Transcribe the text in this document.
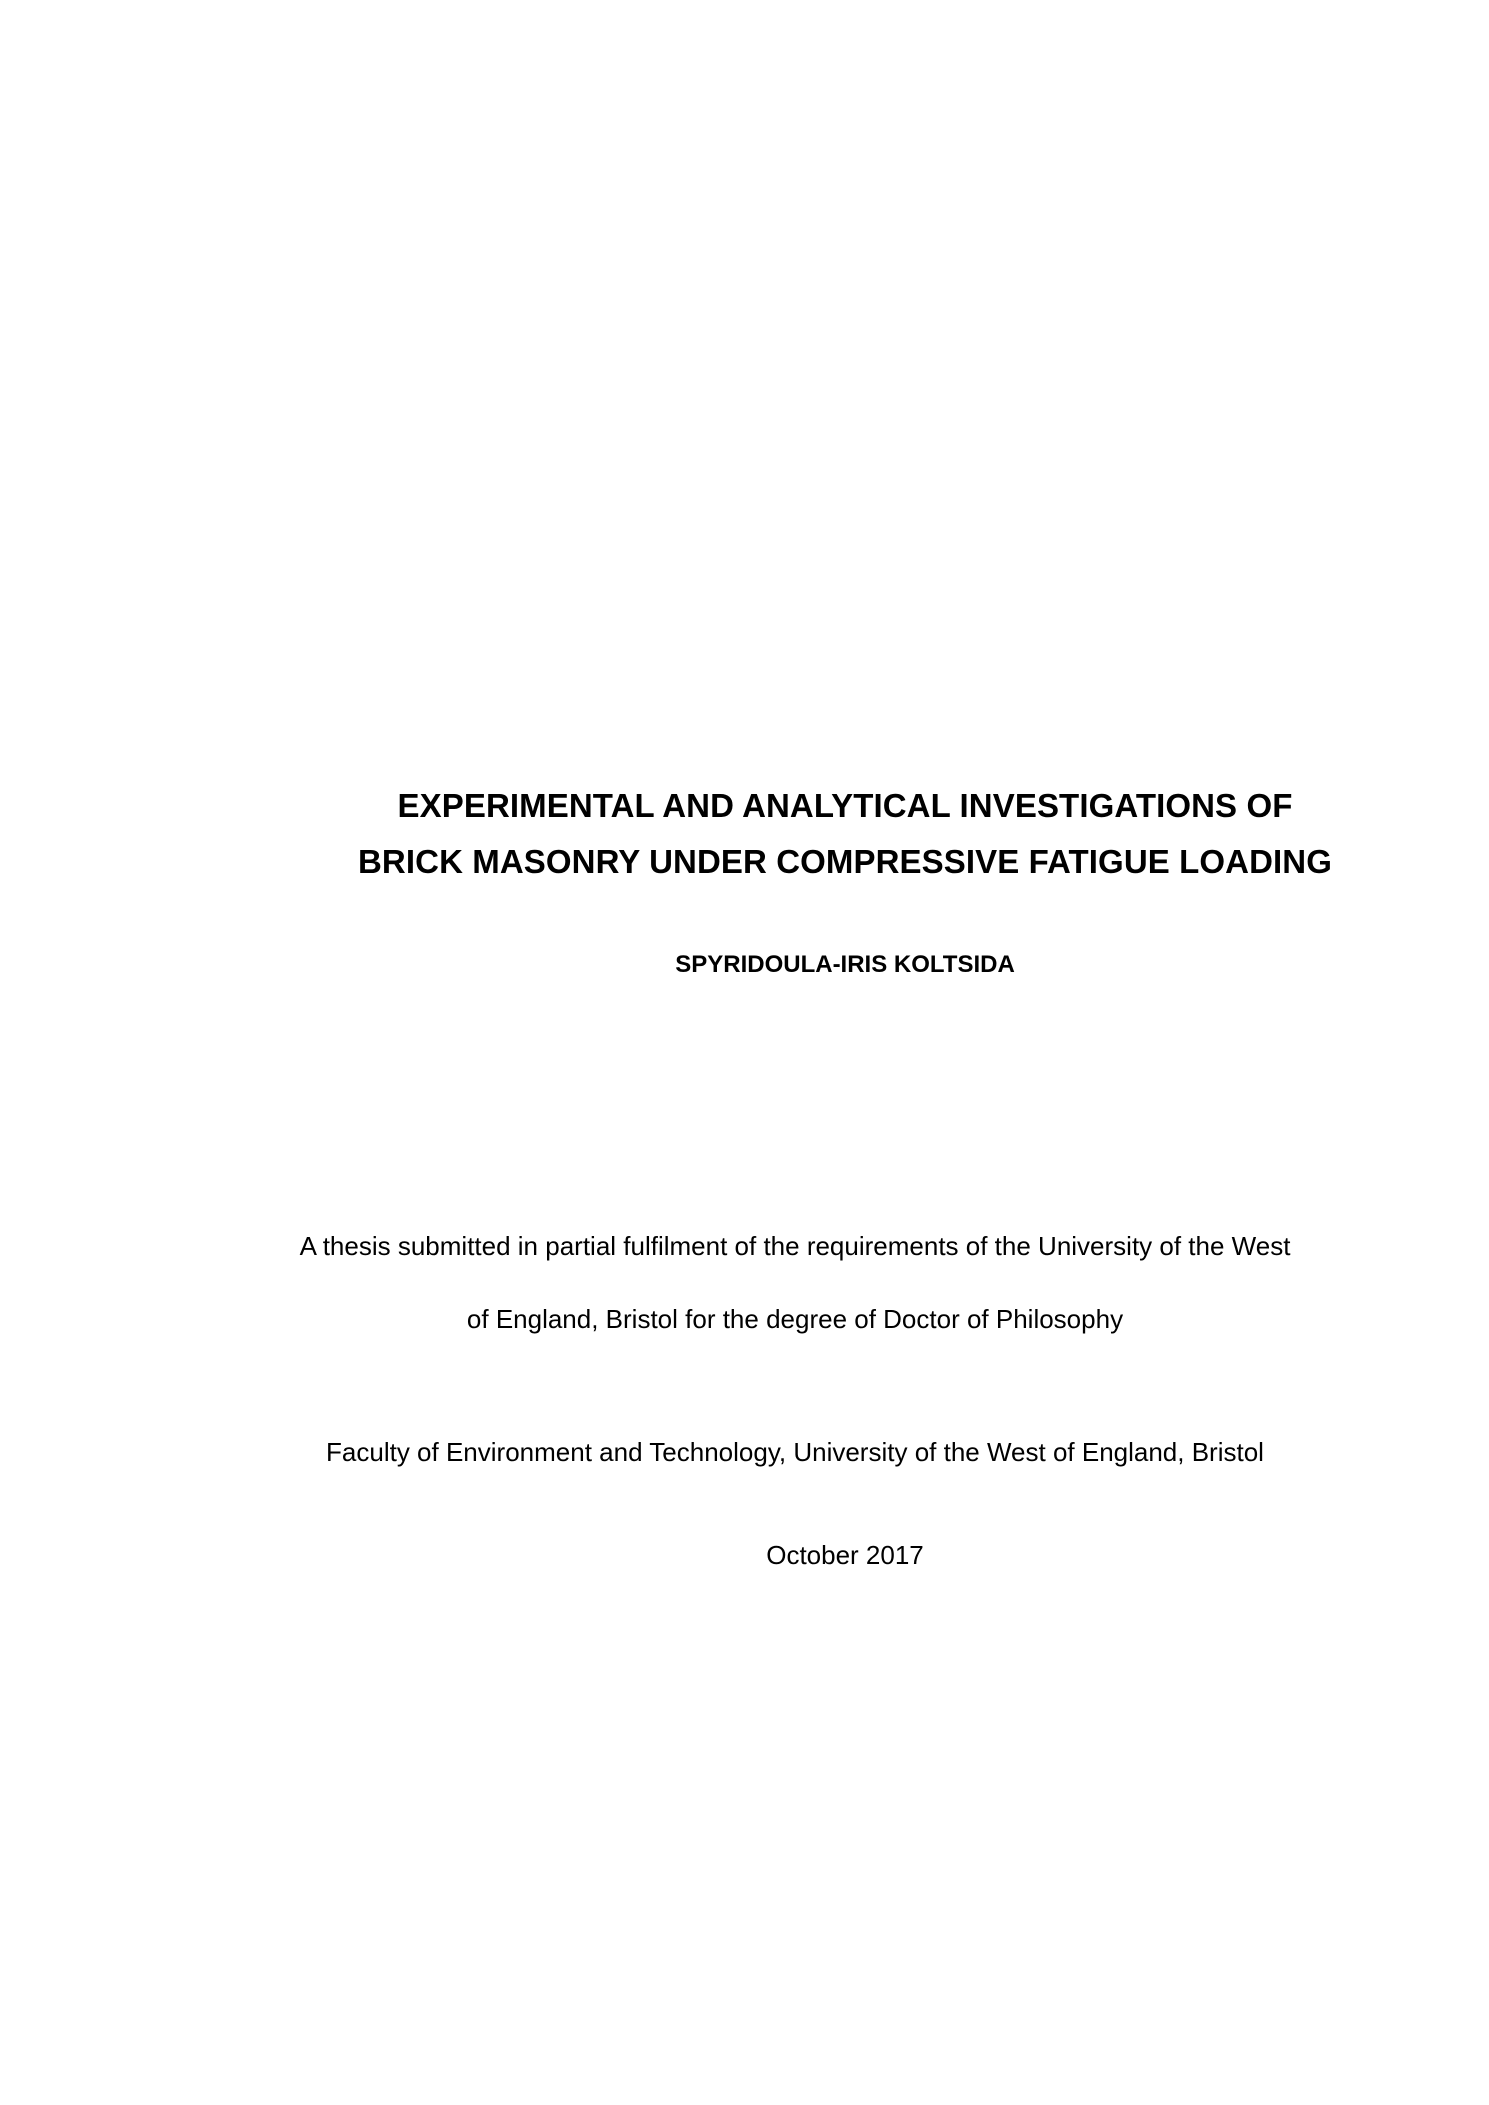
EXPERIMENTAL AND ANALYTICAL INVESTIGATIONS OF
BRICK MASONRY UNDER COMPRESSIVE FATIGUE LOADING
SPYRIDOULA-IRIS KOLTSIDA
A thesis submitted in partial fulfilment of the requirements of the University of the West
of England, Bristol for the degree of Doctor of Philosophy
Faculty of Environment and Technology, University of the West of England, Bristol
October 2017
